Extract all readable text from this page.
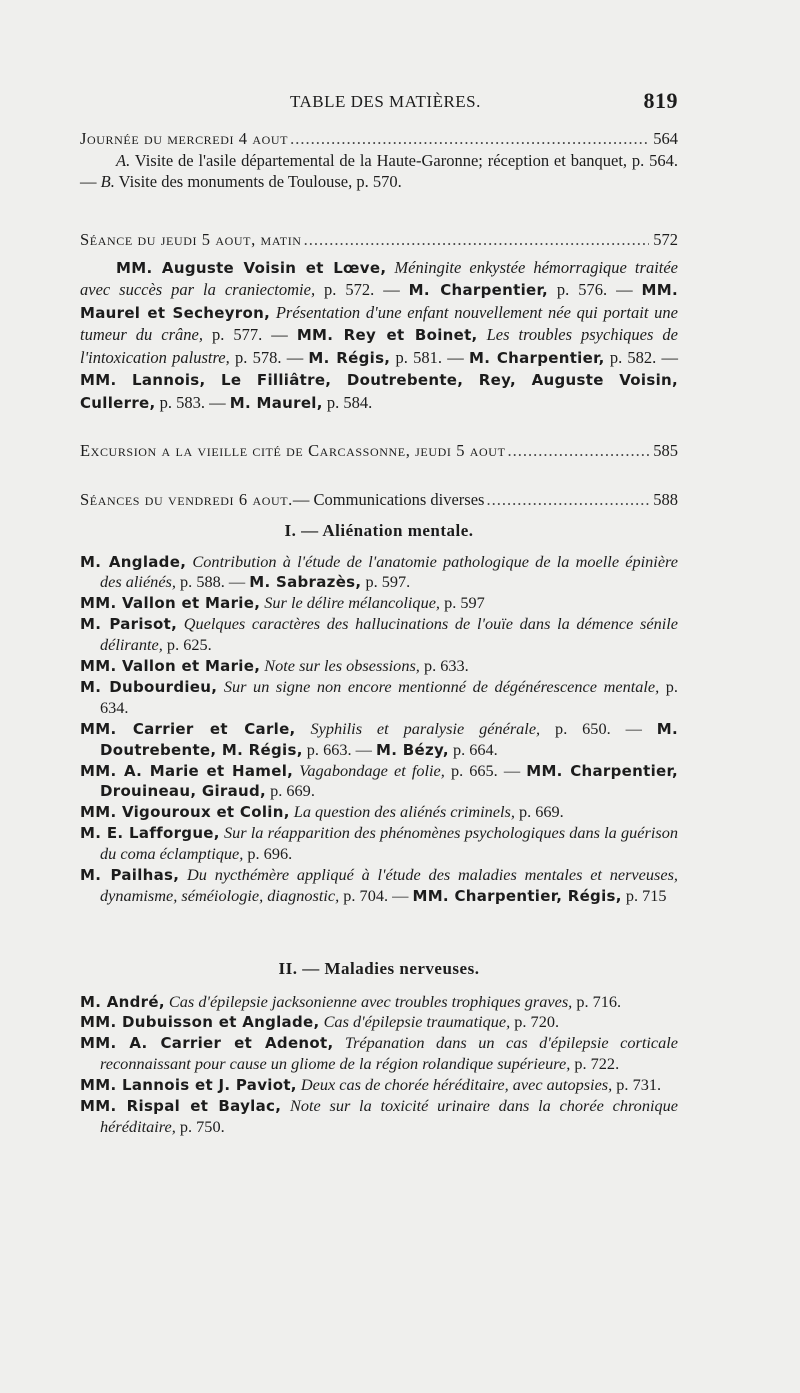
TABLE DES MATIÈRES.	819
Journée du mercredi 4 aout .....	564

A. Visite de l'asile départemental de la Haute-Garonne; réception et banquet, p. 564. — B. Visite des monuments de Toulouse, p. 570.

Séance du jeudi 5 aout, matin .....	572

MM. Auguste Voisin et Lœve, Méningite enkystée hémorragique traitée avec succès par la craniectomie, p. 572. — M. Charpentier, p. 576. — MM. Maurel et Secheyron, Présentation d'une enfant nouvellement née qui portait une tumeur du crâne, p. 577. — MM. Rey et Boinet, Les troubles psychiques de l'intoxication palustre, p. 578. — M. Régis, p. 581. — M. Charpentier, p. 582. — MM. Lannois, Le Filliâtre, Doutrebente, Rey, Auguste Voisin, Cullerre, p. 583. — M. Maurel, p. 584.

Excursion a la vieille cité de Carcassonne, jeudi 5 aout .....	585
Séances du vendredi 6 aout. — Communications diverses .....	588
I. — Aliénation mentale.
M. Anglade, Contribution à l'étude de l'anatomie pathologique de la moelle épinière des aliénés, p. 588. — M. Sabrazès, p. 597.
MM. Vallon et Marie, Sur le délire mélancolique, p. 597
M. Parisot, Quelques caractères des hallucinations de l'ouïe dans la démence sénile délirante, p. 625.
MM. Vallon et Marie, Note sur les obsessions, p. 633.
M. Dubourdieu, Sur un signe non encore mentionné de dégénérescence mentale, p. 634.
MM. Carrier et Carle, Syphilis et paralysie générale, p. 650. — M. Doutrebente, M. Régis, p. 663. — M. Bézy, p. 664.
MM. A. Marie et Hamel, Vagabondage et folie, p. 665. — MM. Charpentier, Drouineau, Giraud, p. 669.
MM. Vigouroux et Colin, La question des aliénés criminels, p. 669.
M. E. Lafforgue, Sur la réapparition des phénomènes psychologiques dans la guérison du coma éclamptique, p. 696.
M. Pailhas, Du nycthémère appliqué à l'étude des maladies mentales et nerveuses, dynamisme, séméiologie, diagnostic, p. 704. — MM. Charpentier, Régis, p. 715
II. — Maladies nerveuses.
M. André, Cas d'épilepsie jacksonienne avec troubles trophiques graves, p. 716.
MM. Dubuisson et Anglade, Cas d'épilepsie traumatique, p. 720.
MM. A. Carrier et Adenot, Trépanation dans un cas d'épilepsie corticale reconnaissant pour cause un gliome de la région rolandique supérieure, p. 722.
MM. Lannois et J. Paviot, Deux cas de chorée héréditaire, avec autopsies, p. 731.
MM. Rispal et Baylac, Note sur la toxicité urinaire dans la chorée chronique héréditaire, p. 750.
